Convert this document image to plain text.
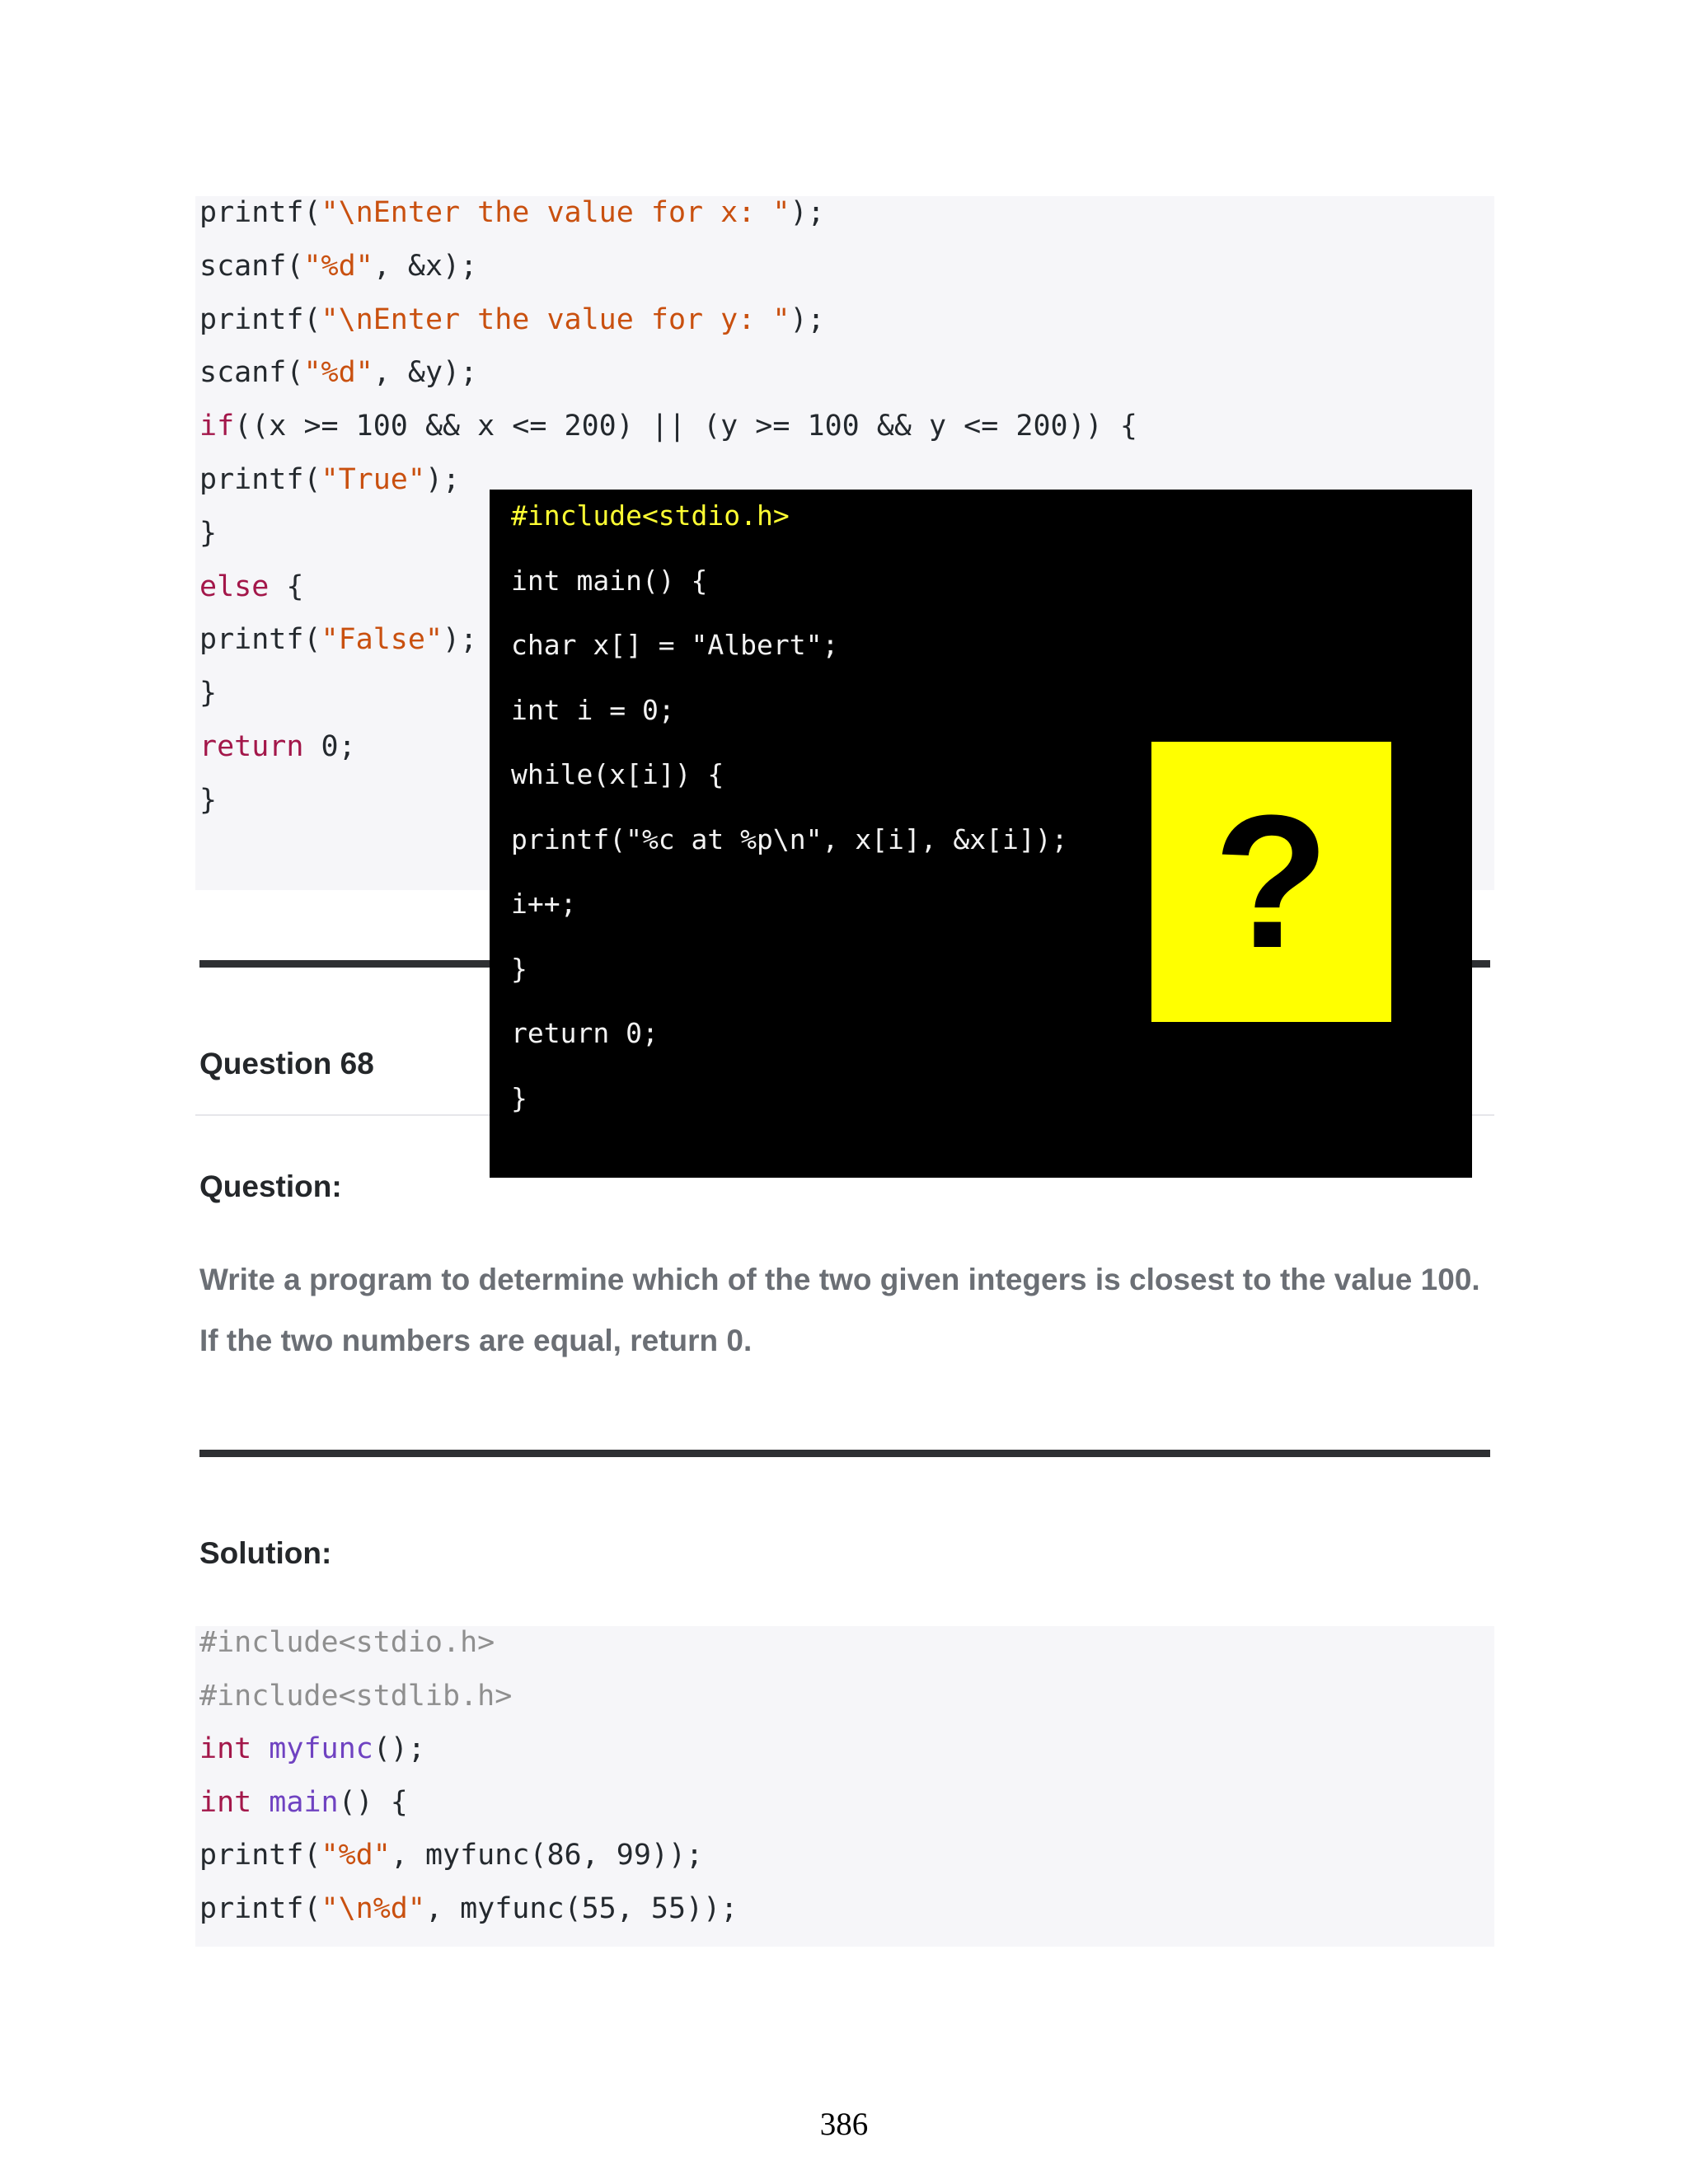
printf("\nEnter the value for x: ");
scanf("%d", &x);
printf("\nEnter the value for y: ");
scanf("%d", &y);
if((x >= 100 && x <= 200) || (y >= 100 && y <= 200)) {
printf("True");
}
else {
printf("False");
}
return 0;
}
Question 68
Question:
Write a program to determine which of the two given integers is closest to the value 100.
If the two numbers are equal, return 0.
Solution:
#include<stdio.h>
#include<stdlib.h>
int myfunc();
int main() {
printf("%d", myfunc(86, 99));
printf("\n%d", myfunc(55, 55));
#include<stdio.h>
int main() {
char x[] = "Albert";
int i = 0;
while(x[i]) {
printf("%c at %p\n", x[i], &x[i]);
i++;
}
return 0;
}
?
386
